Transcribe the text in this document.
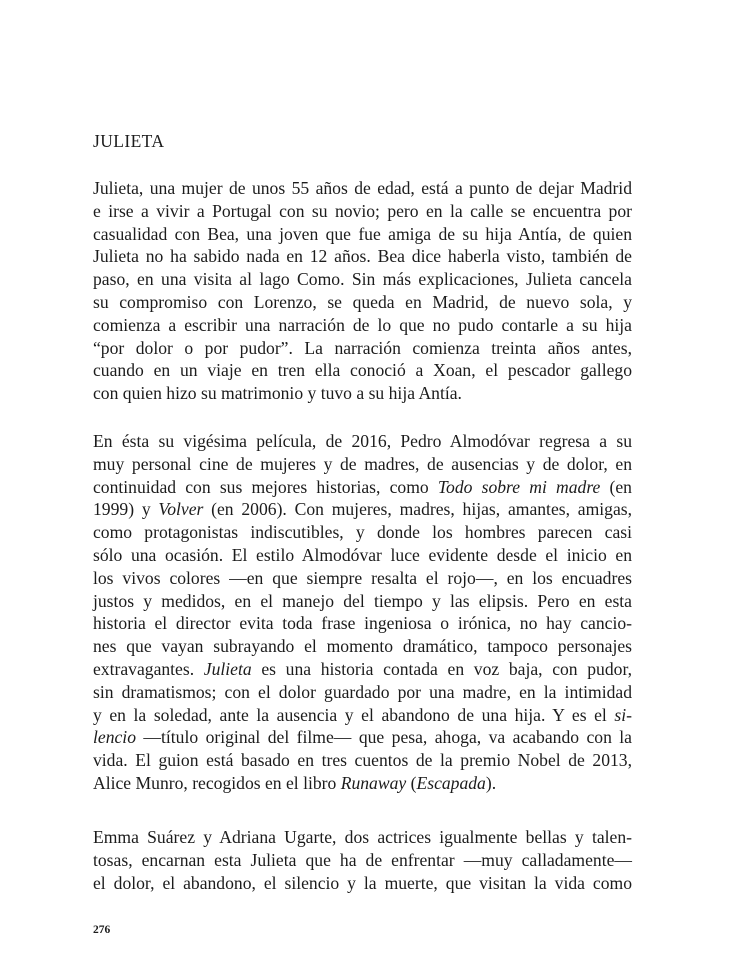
JULIETA
Julieta, una mujer de unos 55 años de edad, está a punto de dejar Madrid
e irse a vivir a Portugal con su novio; pero en la calle se encuentra por
casualidad con Bea, una joven que fue amiga de su hija Antía, de quien
Julieta no ha sabido nada en 12 años. Bea dice haberla visto, también de
paso, en una visita al lago Como. Sin más explicaciones, Julieta cancela
su compromiso con Lorenzo, se queda en Madrid, de nuevo sola, y
comienza a escribir una narración de lo que no pudo contarle a su hija
“por dolor o por pudor”. La narración comienza treinta años antes,
cuando en un viaje en tren ella conoció a Xoan, el pescador gallego
con quien hizo su matrimonio y tuvo a su hija Antía.
En ésta su vigésima película, de 2016, Pedro Almodóvar regresa a su
muy personal cine de mujeres y de madres, de ausencias y de dolor, en
continuidad con sus mejores historias, como Todo sobre mi madre (en
1999) y Volver (en 2006). Con mujeres, madres, hijas, amantes, amigas,
como protagonistas indiscutibles, y donde los hombres parecen casi
sólo una ocasión. El estilo Almodóvar luce evidente desde el inicio en
los vivos colores —en que siempre resalta el rojo—, en los encuadres
justos y medidos, en el manejo del tiempo y las elipsis. Pero en esta
historia el director evita toda frase ingeniosa o irónica, no hay cancio-
nes que vayan subrayando el momento dramático, tampoco personajes
extravagantes. Julieta es una historia contada en voz baja, con pudor,
sin dramatismos; con el dolor guardado por una madre, en la intimidad
y en la soledad, ante la ausencia y el abandono de una hija. Y es el si-
lencio —título original del filme— que pesa, ahoga, va acabando con la
vida. El guion está basado en tres cuentos de la premio Nobel de 2013,
Alice Munro, recogidos en el libro Runaway (Escapada).
Emma Suárez y Adriana Ugarte, dos actrices igualmente bellas y talen-
tosas, encarnan esta Julieta que ha de enfrentar —muy calladamente—
el dolor, el abandono, el silencio y la muerte, que visitan la vida como
276
